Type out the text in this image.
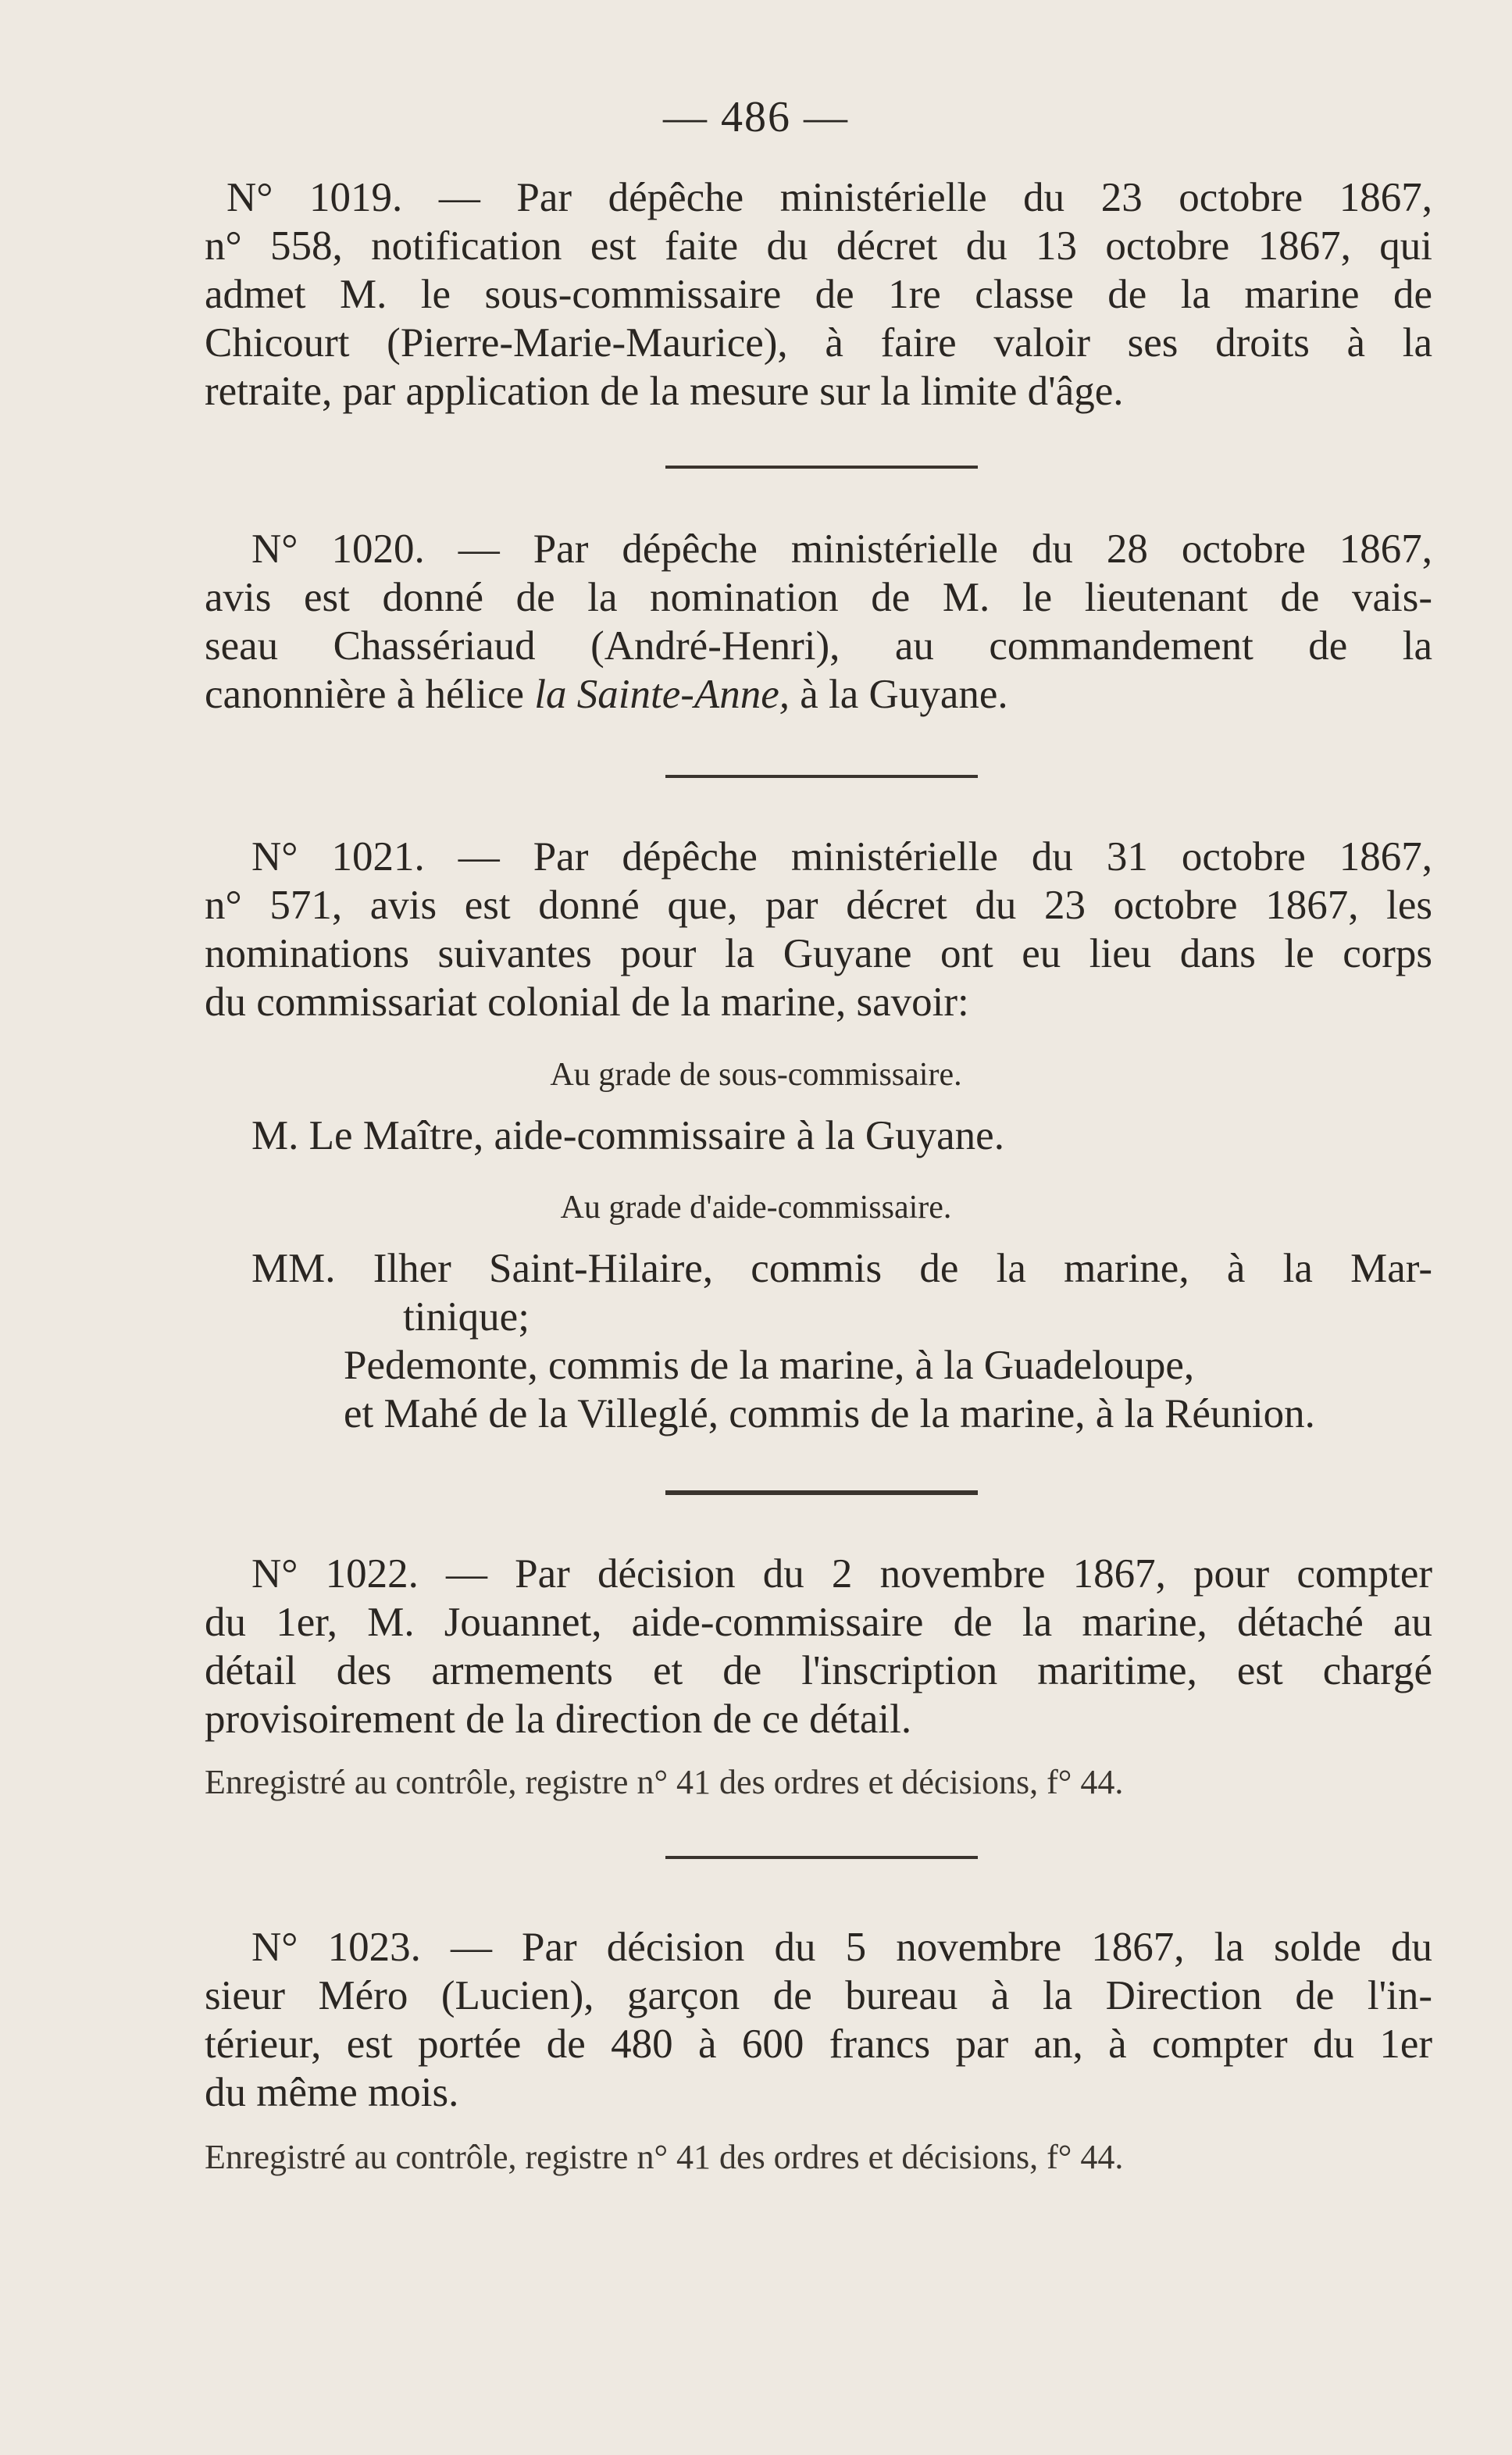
— 486 —
N° 1019. — Par dépêche ministérielle du 23 octobre 1867,
n° 558, notification est faite du décret du 13 octobre 1867, qui
admet M. le sous-commissaire de 1re classe de la marine de
Chicourt (Pierre-Marie-Maurice), à faire valoir ses droits à la
retraite, par application de la mesure sur la limite d'âge.
N° 1020. — Par dépêche ministérielle du 28 octobre 1867,
avis est donné de la nomination de M. le lieutenant de vais-
seau Chassériaud (André-Henri), au commandement de la
canonnière à hélice la Sainte-Anne, à la Guyane.
N° 1021. — Par dépêche ministérielle du 31 octobre 1867,
n° 571, avis est donné que, par décret du 23 octobre 1867, les
nominations suivantes pour la Guyane ont eu lieu dans le corps
du commissariat colonial de la marine, savoir:
Au grade de sous-commissaire.
M. Le Maître, aide-commissaire à la Guyane.
Au grade d'aide-commissaire.
MM. Ilher Saint-Hilaire, commis de la marine, à la Mar-
tinique;
Pedemonte, commis de la marine, à la Guadeloupe,
et Mahé de la Villeglé, commis de la marine, à la Réunion.
N° 1022. — Par décision du 2 novembre 1867, pour compter
du 1er, M. Jouannet, aide-commissaire de la marine, détaché au
détail des armements et de l'inscription maritime, est chargé
provisoirement de la direction de ce détail.
Enregistré au contrôle, registre n° 41 des ordres et décisions, f° 44.
N° 1023. — Par décision du 5 novembre 1867, la solde du
sieur Méro (Lucien), garçon de bureau à la Direction de l'in-
térieur, est portée de 480 à 600 francs par an, à compter du 1er
du même mois.
Enregistré au contrôle, registre n° 41 des ordres et décisions, f° 44.
